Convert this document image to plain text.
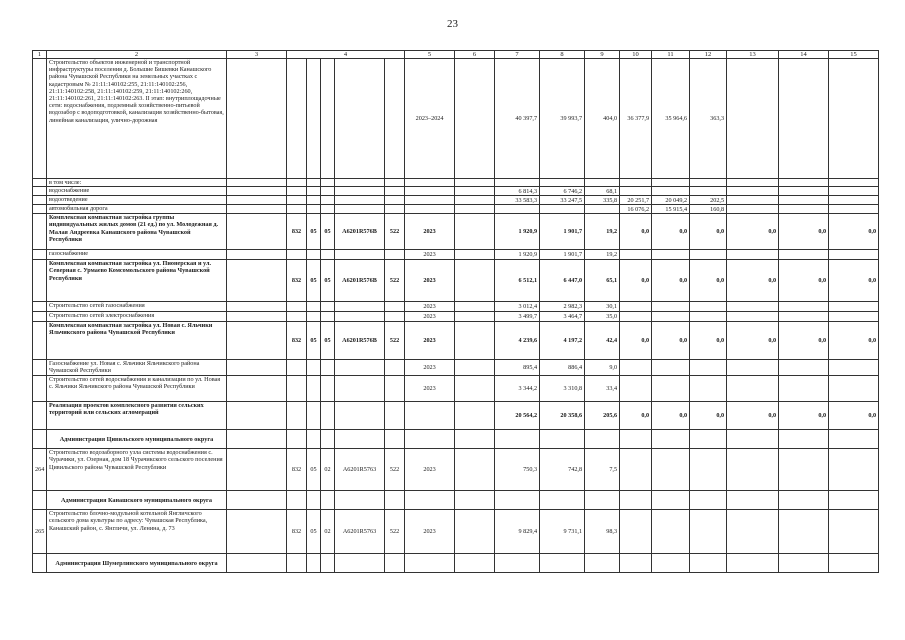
23
1	2	3	4					5	6	7	8	9	10	11	12	13	14	15
	Строительство объектов инженерной и транспортной инфраструктуры поселения д. Большие Бишевки Канашского района Чувашской Республики на земельных участках с кадастровым № 21:11:140102:255, 21:11:140102:256, 21:11:140102:258, 21:11:140102:259, 21:11:140102:260, 21:11:140102:261, 21:11:140102:263. II этап: внутриплощадочные сети: водоснабжения, подземный хозяйственно-питьевой водозабор с водоподготовкой, канализация хозяйственно-бытовая, линейная канализация, улично-дорожная							2023–2024		40 397,7	39 993,7	404,0	36 377,9	35 964,6	363,3			
	в том числе:																	
	водоснабжение									6 814,3	6 746,2	68,1						
	водоотведение									33 583,3	33 247,5	335,8	20 251,7	20 049,2	202,5			
	автомобильная дорога												16 076,2	15 915,4	160,8			
	Комплексная компактная застройка группы индивидуальных жилых домов (21 ед.) по ул. Молодежная д. Малая Андреевка Канашского района Чувашской Республики		832	05	05	А6201R576В	522	2023		1 920,9	1 901,7	19,2	0,0	0,0	0,0	0,0	0,0	0,0
	газоснабжение							2023		1 920,9	1 901,7	19,2						
	Комплексная компактная застройка ул. Пионерская и ул. Северная с. Урмаево Комсомольского района Чувашской Республики		832	05	05	А6201R576В	522	2023		6 512,1	6 447,0	65,1	0,0	0,0	0,0	0,0	0,0	0,0
	Строительство сетей газоснабжения							2023		3 012,4	2 982,3	30,1						
	Строительство сетей электроснабжения							2023		3 499,7	3 464,7	35,0						
	Комплексная компактная застройка ул. Новая с. Яльчики Яльчикского района Чувашской Республики		832	05	05	А6201R576В	522	2023		4 239,6	4 197,2	42,4	0,0	0,0	0,0	0,0	0,0	0,0
	Газоснабжение ул. Новая с. Яльчики Яльчикского района Чувашской Республики							2023		895,4	886,4	9,0						
	Строительство сетей водоснабжения и канализации по ул. Новая с. Яльчики Яльчикского района Чувашской Республики							2023		3 344,2	3 310,8	33,4						
	Реализация проектов комплексного развития сельских территорий или сельских агломераций									20 564,2	20 358,6	205,6	0,0	0,0	0,0	0,0	0,0	0,0
	Администрация Цивильского муниципального округа																	
264	Строительство водозаборного узла системы водоснабжения с. Чурачики, ул. Озерная, дом 18 Чурачикского сельского поселения Цивильского района Чувашской Республики		832	05	02	А6201R5763	522	2023		750,3	742,8	7,5						
	Администрация Канашского муниципального округа																	
265	Строительство блочно-модульной котельной Янгличского сельского дома культуры по адресу: Чувашская Республика, Канашский район, с. Янгличи, ул. Ленина, д. 73		832	05	02	А6201R5763	522	2023		9 829,4	9 731,1	98,3						
	Администрация Шумерлинского муниципального округа																	
